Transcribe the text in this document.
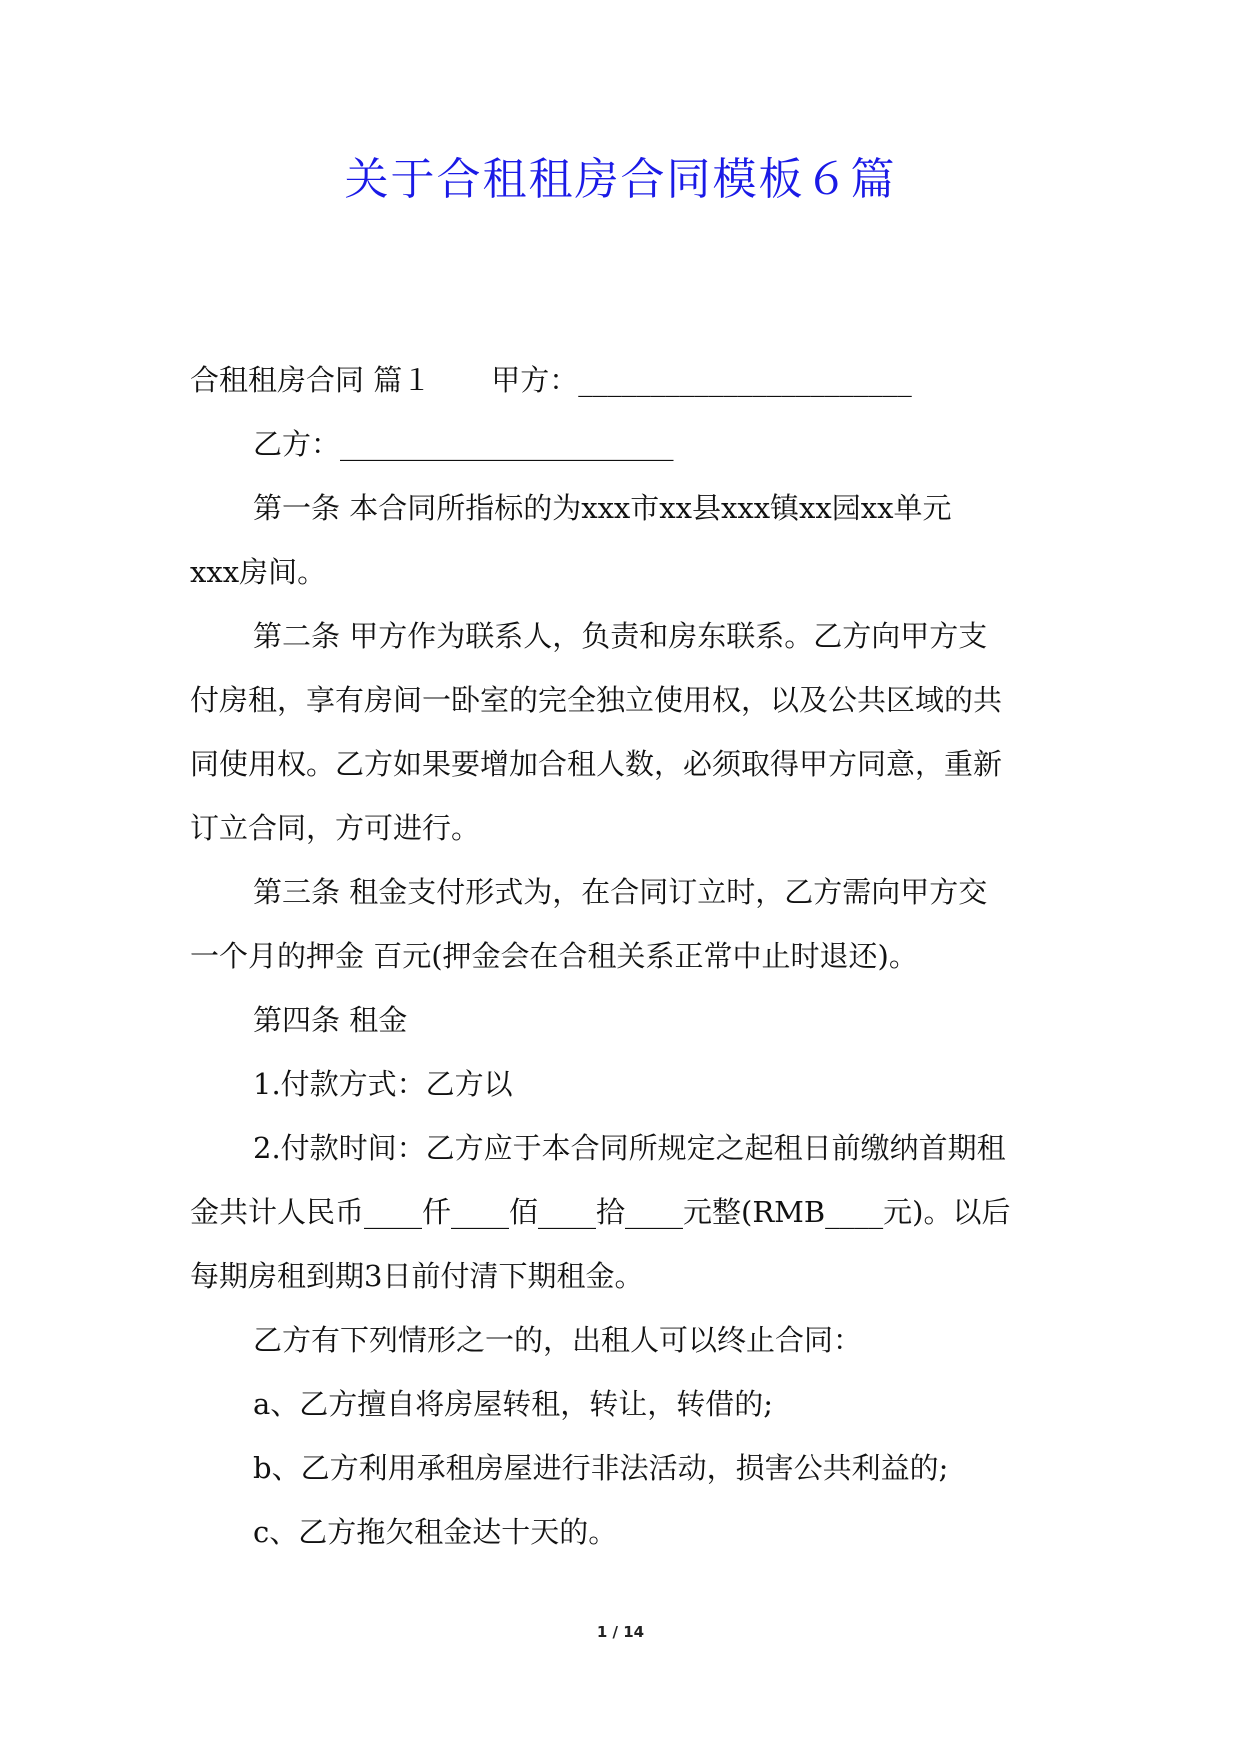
关于合租租房合同模板６篇
合租租房合同 篇１ 甲方：_______________________
乙方：_______________________
第一条 本合同所指标的为xxx市xx县xxx镇xx园xx单元
xxx房间。
第二条 甲方作为联系人，负责和房东联系。乙方向甲方支
付房租，享有房间一卧室的完全独立使用权，以及公共区域的共
同使用权。乙方如果要增加合租人数，必须取得甲方同意，重新
订立合同，方可进行。
第三条 租金支付形式为，在合同订立时，乙方需向甲方交
一个月的押金 百元(押金会在合租关系正常中止时退还)。
第四条 租金
1.付款方式：乙方以
2.付款时间：乙方应于本合同所规定之起租日前缴纳首期租
金共计人民币____仟____佰____拾____元整(RMB____元)。以后
每期房租到期3日前付清下期租金。
乙方有下列情形之一的，出租人可以终止合同：
a、乙方擅自将房屋转租，转让，转借的;
b、乙方利用承租房屋进行非法活动，损害公共利益的;
c、乙方拖欠租金达十天的。
1 / 14
